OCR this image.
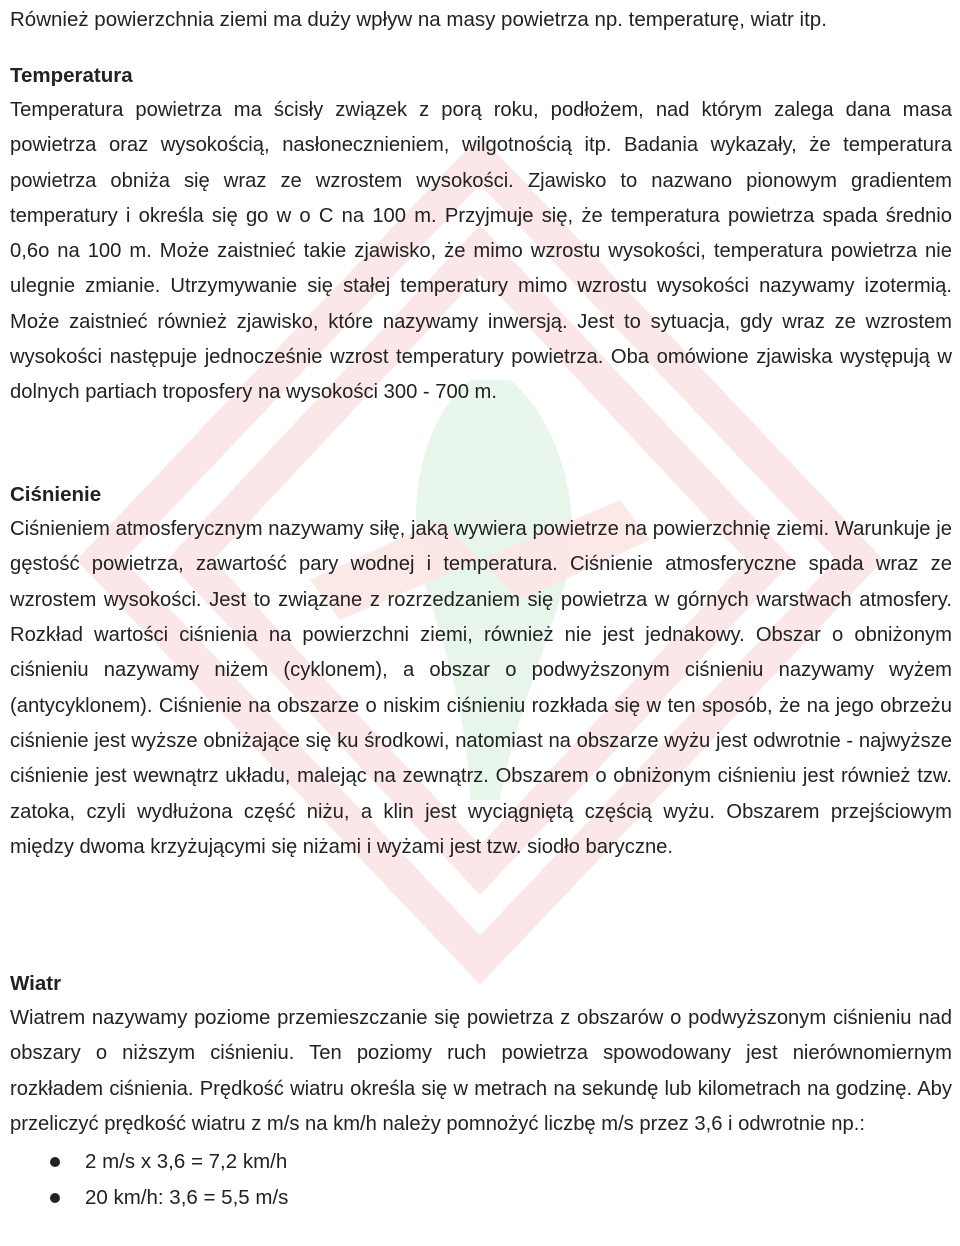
Również powierzchnia ziemi ma duży wpływ na masy powietrza np. temperaturę, wiatr itp.
Temperatura

Temperatura powietrza ma ścisły związek z porą roku, podłożem, nad którym zalega dana masa powietrza oraz wysokością, nasłonecznieniem, wilgotnością itp. Badania wykazały, że temperatura powietrza obniża się wraz ze wzrostem wysokości. Zjawisko to nazwano pionowym gradientem temperatury i określa się go w o C na 100 m. Przyjmuje się, że temperatura powietrza spada średnio 0,6o na 100 m. Może zaistnieć takie zjawisko, że mimo wzrostu wysokości, temperatura powietrza nie ulegnie zmianie. Utrzymywanie się stałej temperatury mimo wzrostu wysokości nazywamy izotermią. Może zaistnieć również zjawisko, które nazywamy inwersją. Jest to sytuacja, gdy wraz ze wzrostem wysokości następuje jednocześnie wzrost temperatury powietrza. Oba omówione zjawiska występują w dolnych partiach troposfery na wysokości 300 - 700 m.

Ciśnienie

Ciśnieniem atmosferycznym nazywamy siłę, jaką wywiera powietrze na powierzchnię ziemi. Warunkuje je gęstość powietrza, zawartość pary wodnej i temperatura. Ciśnienie atmosferyczne spada wraz ze wzrostem wysokości. Jest to związane z rozrzedzaniem się powietrza w górnych warstwach atmosfery. Rozkład wartości ciśnienia na powierzchni ziemi, również nie jest jednakowy. Obszar o obniżonym ciśnieniu nazywamy niżem (cyklonem), a obszar o podwyższonym ciśnieniu nazywamy wyżem (antycyklonem). Ciśnienie na obszarze o niskim ciśnieniu rozkłada się w ten sposób, że na jego obrzeżu ciśnienie jest wyższe obniżające się ku środkowi, natomiast na obszarze wyżu jest odwrotnie - najwyższe ciśnienie jest wewnątrz układu, malejąc na zewnątrz. Obszarem o obniżonym ciśnieniu jest również tzw. zatoka, czyli wydłużona część niżu, a klin jest wyciągniętą częścią wyżu. Obszarem przejściowym między dwoma krzyżującymi się niżami i wyżami jest tzw. siodło baryczne.

Wiatr

Wiatrem nazywamy poziome przemieszczanie się powietrza z obszarów o podwyższonym ciśnieniu nad obszary o niższym ciśnieniu. Ten poziomy ruch powietrza spowodowany jest nierównomiernym rozkładem ciśnienia. Prędkość wiatru określa się w metrach na sekundę lub kilometrach na godzinę. Aby przeliczyć prędkość wiatru z m/s na km/h należy pomnożyć liczbę m/s przez 3,6 i odwrotnie np.:

2 m/s x 3,6 = 7,2 km/h
20 km/h: 3,6 = 5,5 m/s
